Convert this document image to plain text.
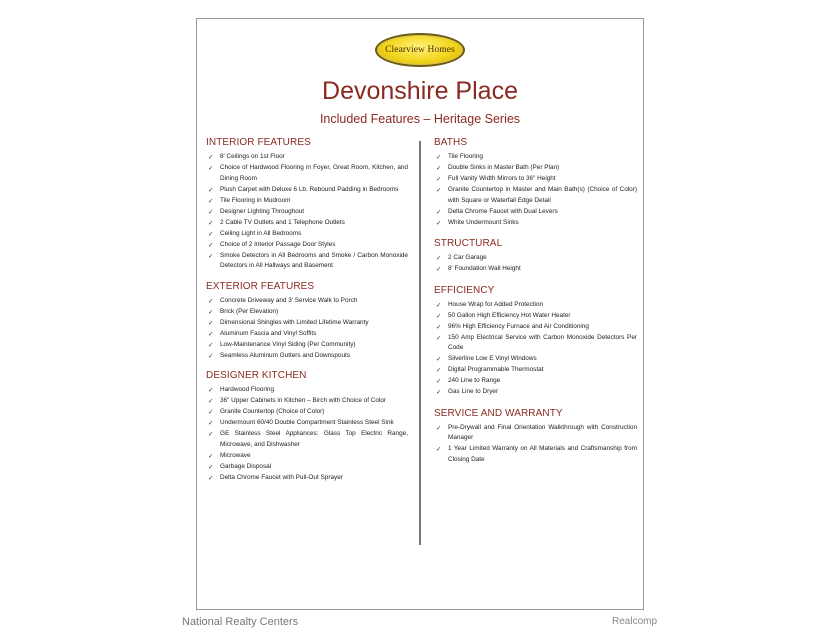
Clearview Homes
Devonshire Place
Included Features – Heritage Series
INTERIOR FEATURES
✓ 8' Ceilings on 1st Floor
✓ Choice of Hardwood Flooring in Foyer, Great Room, Kitchen, and Dining Room
✓ Plush Carpet with Deluxe 6 Lb. Rebound Padding in Bedrooms
✓ Tile Flooring in Mudroom
✓ Designer Lighting Throughout
✓ 2 Cable TV Outlets and 1 Telephone Outlets
✓ Ceiling Light in All Bedrooms
✓ Choice of 2 Interior Passage Door Styles
✓ Smoke Detectors in All Bedrooms and Smoke / Carbon Monoxide Detectors in All Hallways and Basement
EXTERIOR FEATURES
✓ Concrete Driveway and 3' Service Walk to Porch
✓ Brick (Per Elevation)
✓ Dimensional Shingles with Limited Lifetime Warranty
✓ Aluminum Fascia and Vinyl Soffits
✓ Low-Maintenance Vinyl Siding (Per Community)
✓ Seamless Aluminum Gutters and Downspouts
DESIGNER KITCHEN
✓ Hardwood Flooring
✓ 36" Upper Cabinets in Kitchen – Birch with Choice of Color
✓ Granite Countertop (Choice of Color)
✓ Undermount 60/40 Double Compartment Stainless Steel Sink
✓ GE Stainless Steel Appliances: Glass Top Electric Range, Microwave, and Dishwasher
✓ Microwave
✓ Garbage Disposal
✓ Delta Chrome Faucet with Pull-Out Sprayer
BATHS
✓ Tile Flooring
✓ Double Sinks in Master Bath (Per Plan)
✓ Full Vanity Width Mirrors to 36" Height
✓ Granite Countertop in Master and Main Bath(s) (Choice of Color) with Square or Waterfall Edge Detail
✓ Delta Chrome Faucet with Dual Levers
✓ White Undermount Sinks
STRUCTURAL
✓ 2 Car Garage
✓ 8' Foundation Wall Height
EFFICIENCY
✓ House Wrap for Added Protection
✓ 50 Gallon High Efficiency Hot Water Heater
✓ 96% High Efficiency Furnace and Air Conditioning
✓ 150 Amp Electrical Service with Carbon Monoxide Detectors Per Code
✓ Silverline Low E Vinyl Windows
✓ Digital Programmable Thermostat
✓ 240 Line to Range
✓ Gas Line to Dryer
SERVICE AND WARRANTY
✓ Pre-Drywall and Final Orientation Walkthrough with Construction Manager
✓ 1 Year Limited Warranty on All Materials and Craftsmanship from Closing Date
National Realty Centers	Realcomp
